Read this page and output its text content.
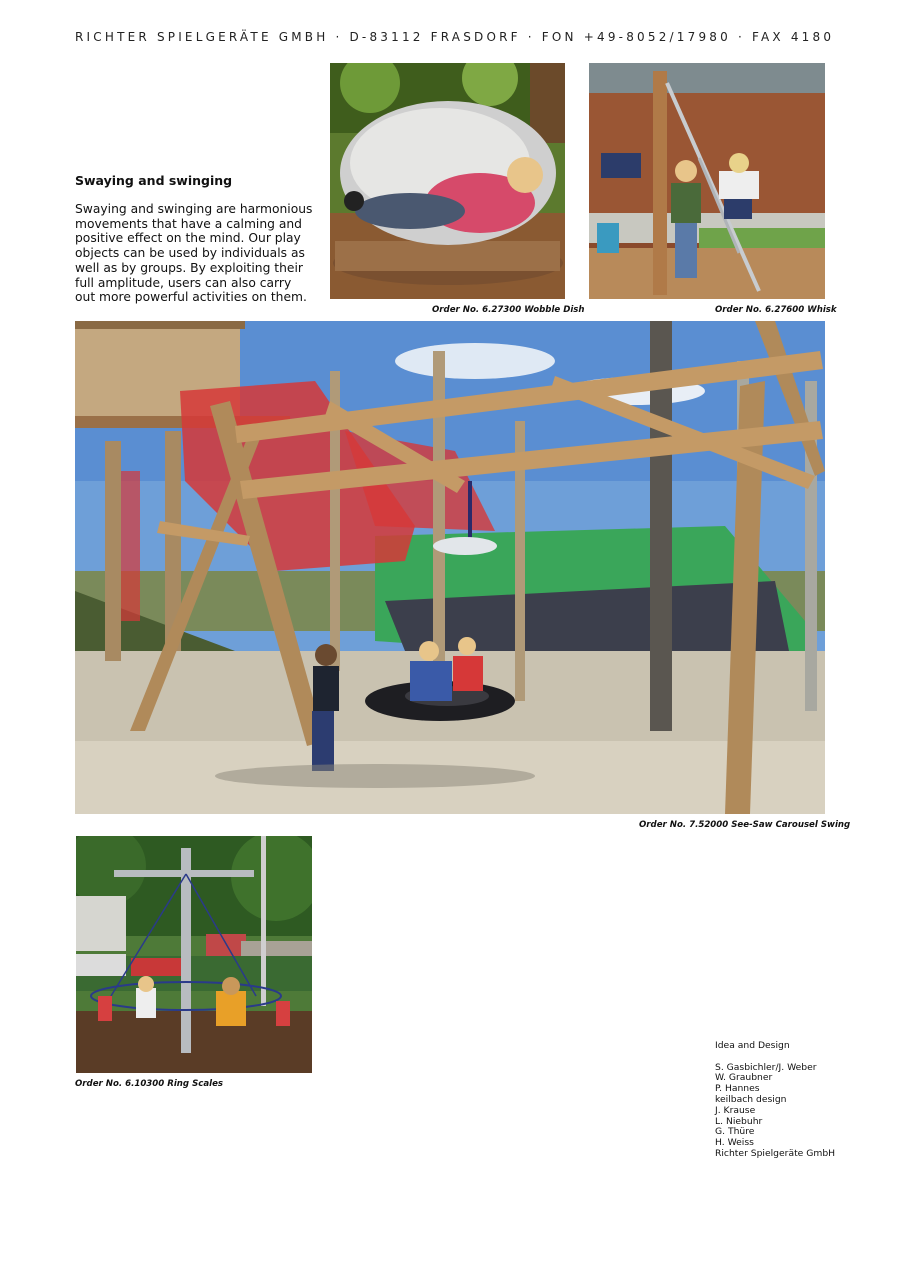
RICHTER SPIELGERÄTE GMBH · D-83112 FRASDORF · FON +49-8052/17980 · FAX 4180
Swaying and swinging
Swaying and swinging are harmonious movements that have a calming and positive effect on the mind. Our play objects can be used by individuals as well as by groups. By exploiting their full amplitude, users can also carry out more powerful activities on them.
Order No. 6.27300 Wobble Dish	Order No. 6.27600 Whisk
Order No. 7.52000 See-Saw Carousel Swing
Order No. 6.10300 Ring Scales
Idea and Design
S. Gasbichler/J. Weber
W. Graubner
P. Hannes
keilbach design
J. Krause
L. Niebuhr
G. Thüre
H. Weiss
Richter Spielgeräte GmbH
